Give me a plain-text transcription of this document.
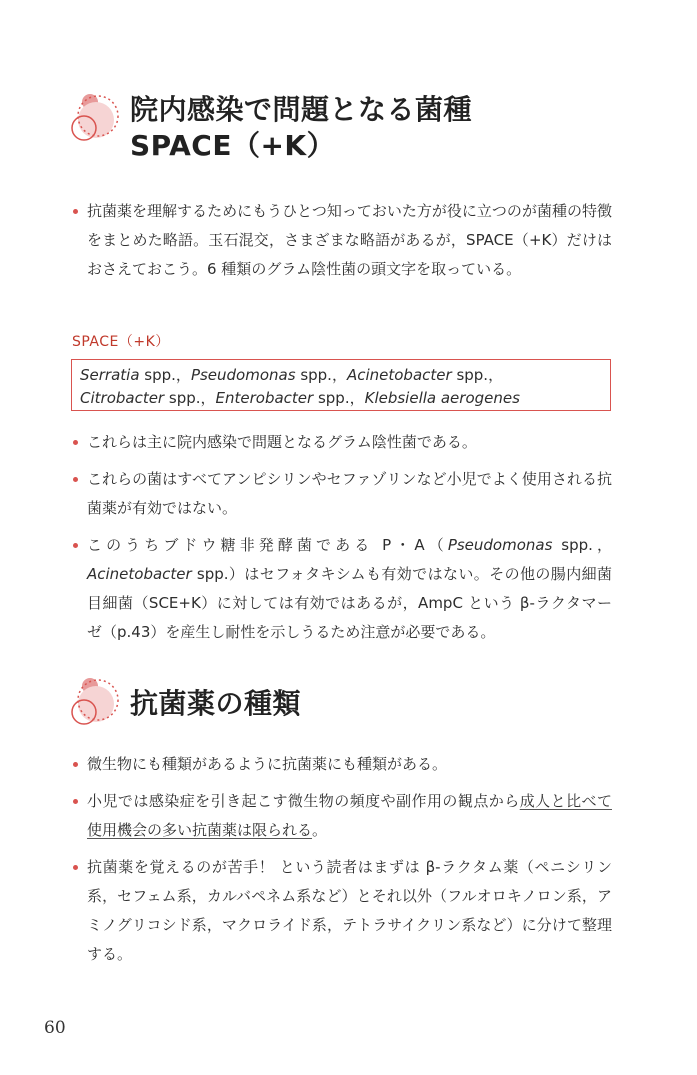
院内感染で問題となる菌種
SPACE（+K）
抗菌薬を理解するためにもうひとつ知っておいた方が役に立つのが菌種の特徴をまとめた略語。玉石混交，さまざまな略語があるが，SPACE（+K）だけはおさえておこう。6 種類のグラム陰性菌の頭文字を取っている。
SPACE（+K）
Serratia spp.，Pseudomonas spp.，Acinetobacter spp.，
Citrobacter spp.，Enterobacter spp.，Klebsiella aerogenes
これらは主に院内感染で問題となるグラム陰性菌である。
これらの菌はすべてアンピシリンやセファゾリンなど小児でよく使用される抗菌薬が有効ではない。
このうちブドウ糖非発酵菌である P・A（Pseudomonas spp.，Acinetobacter spp.）はセフォタキシムも有効ではない。その他の腸内細菌目細菌（SCE+K）に対しては有効ではあるが，AmpC という β-ラクタマーゼ（p.43）を産生し耐性を示しうるため注意が必要である。
抗菌薬の種類
微生物にも種類があるように抗菌薬にも種類がある。
小児では感染症を引き起こす微生物の頻度や副作用の観点から成人と比べて使用機会の多い抗菌薬は限られる。
抗菌薬を覚えるのが苦手！ という読者はまずは β-ラクタム薬（ペニシリン系，セフェム系，カルバペネム系など）とそれ以外（フルオロキノロン系，アミノグリコシド系，マクロライド系，テトラサイクリン系など）に分けて整理する。
60
